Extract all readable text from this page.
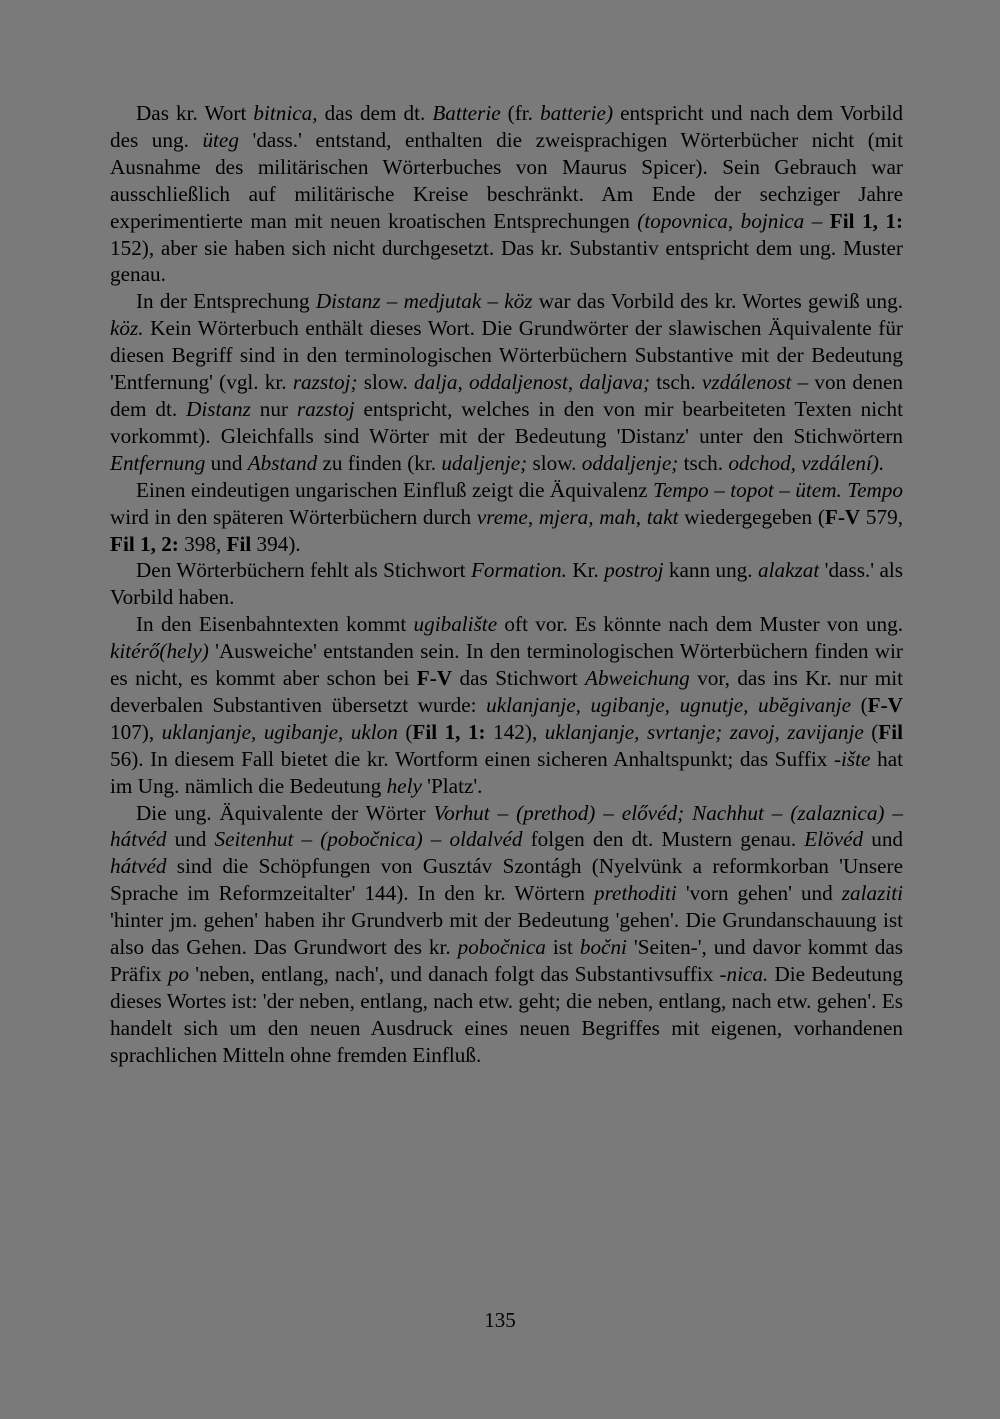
Das kr. Wort bitnica, das dem dt. Batterie (fr. batterie) entspricht und nach dem Vorbild des ung. üteg 'dass.' entstand, enthalten die zweisprachigen Wörterbücher nicht (mit Ausnahme des militärischen Wörterbuches von Maurus Spicer). Sein Gebrauch war ausschließlich auf militärische Kreise beschränkt. Am Ende der sechziger Jahre experimentierte man mit neuen kroatischen Entsprechungen (topovnica, bojnica – Fil 1, 1: 152), aber sie haben sich nicht durchgesetzt. Das kr. Substantiv entspricht dem ung. Muster genau.

In der Entsprechung Distanz – medjutak – köz war das Vorbild des kr. Wortes gewiß ung. köz. Kein Wörterbuch enthält dieses Wort. Die Grundwörter der slawischen Äquivalente für diesen Begriff sind in den terminologischen Wörterbüchern Substantive mit der Bedeutung 'Entfernung' (vgl. kr. razstoj; slow. dalja, oddaljenost, daljava; tsch. vzdálenost – von denen dem dt. Distanz nur razstoj entspricht, welches in den von mir bearbeiteten Texten nicht vorkommt). Gleichfalls sind Wörter mit der Bedeutung 'Distanz' unter den Stichwörtern Entfernung und Abstand zu finden (kr. udaljenje; slow. oddaljenje; tsch. odchod, vzdálení).

Einen eindeutigen ungarischen Einfluß zeigt die Äquivalenz Tempo – topot – ütem. Tempo wird in den späteren Wörterbüchern durch vreme, mjera, mah, takt wiedergegeben (F-V 579, Fil 1, 2: 398, Fil 394).

Den Wörterbüchern fehlt als Stichwort Formation. Kr. postroj kann ung. alakzat 'dass.' als Vorbild haben.

In den Eisenbahntexten kommt ugibalište oft vor. Es könnte nach dem Muster von ung. kitérő(hely) 'Ausweiche' entstanden sein. In den terminologischen Wörterbüchern finden wir es nicht, es kommt aber schon bei F-V das Stichwort Abweichung vor, das ins Kr. nur mit deverbalen Substantiven übersetzt wurde: uklanjanje, ugibanje, ugnutje, ubĕgivanje (F-V 107), uklanjanje, ugibanje, uklon (Fil 1, 1: 142), uklanjanje, svrtanje; zavoj, zavijanje (Fil 56). In diesem Fall bietet die kr. Wortform einen sicheren Anhaltspunkt; das Suffix -ište hat im Ung. nämlich die Bedeutung hely 'Platz'.

Die ung. Äquivalente der Wörter Vorhut – (prethod) – elővéd; Nachhut – (zalaznica) – hátvéd und Seitenhut – (pobočnica) – oldalvéd folgen den dt. Mustern genau. Elövéd und hátvéd sind die Schöpfungen von Gusztáv Szontágh (Nyelvünk a reformkorban 'Unsere Sprache im Reformzeitalter' 144). In den kr. Wörtern prethoditi 'vorn gehen' und zalaziti 'hinter jm. gehen' haben ihr Grundverb mit der Bedeutung 'gehen'. Die Grundanschauung ist also das Gehen. Das Grundwort des kr. pobočnica ist bočni 'Seiten-', und davor kommt das Präfix po 'neben, entlang, nach', und danach folgt das Substantivsuffix -nica. Die Bedeutung dieses Wortes ist: 'der neben, entlang, nach etw. geht; die neben, entlang, nach etw. gehen'. Es handelt sich um den neuen Ausdruck eines neuen Begriffes mit eigenen, vorhandenen sprachlichen Mitteln ohne fremden Einfluß.

135
